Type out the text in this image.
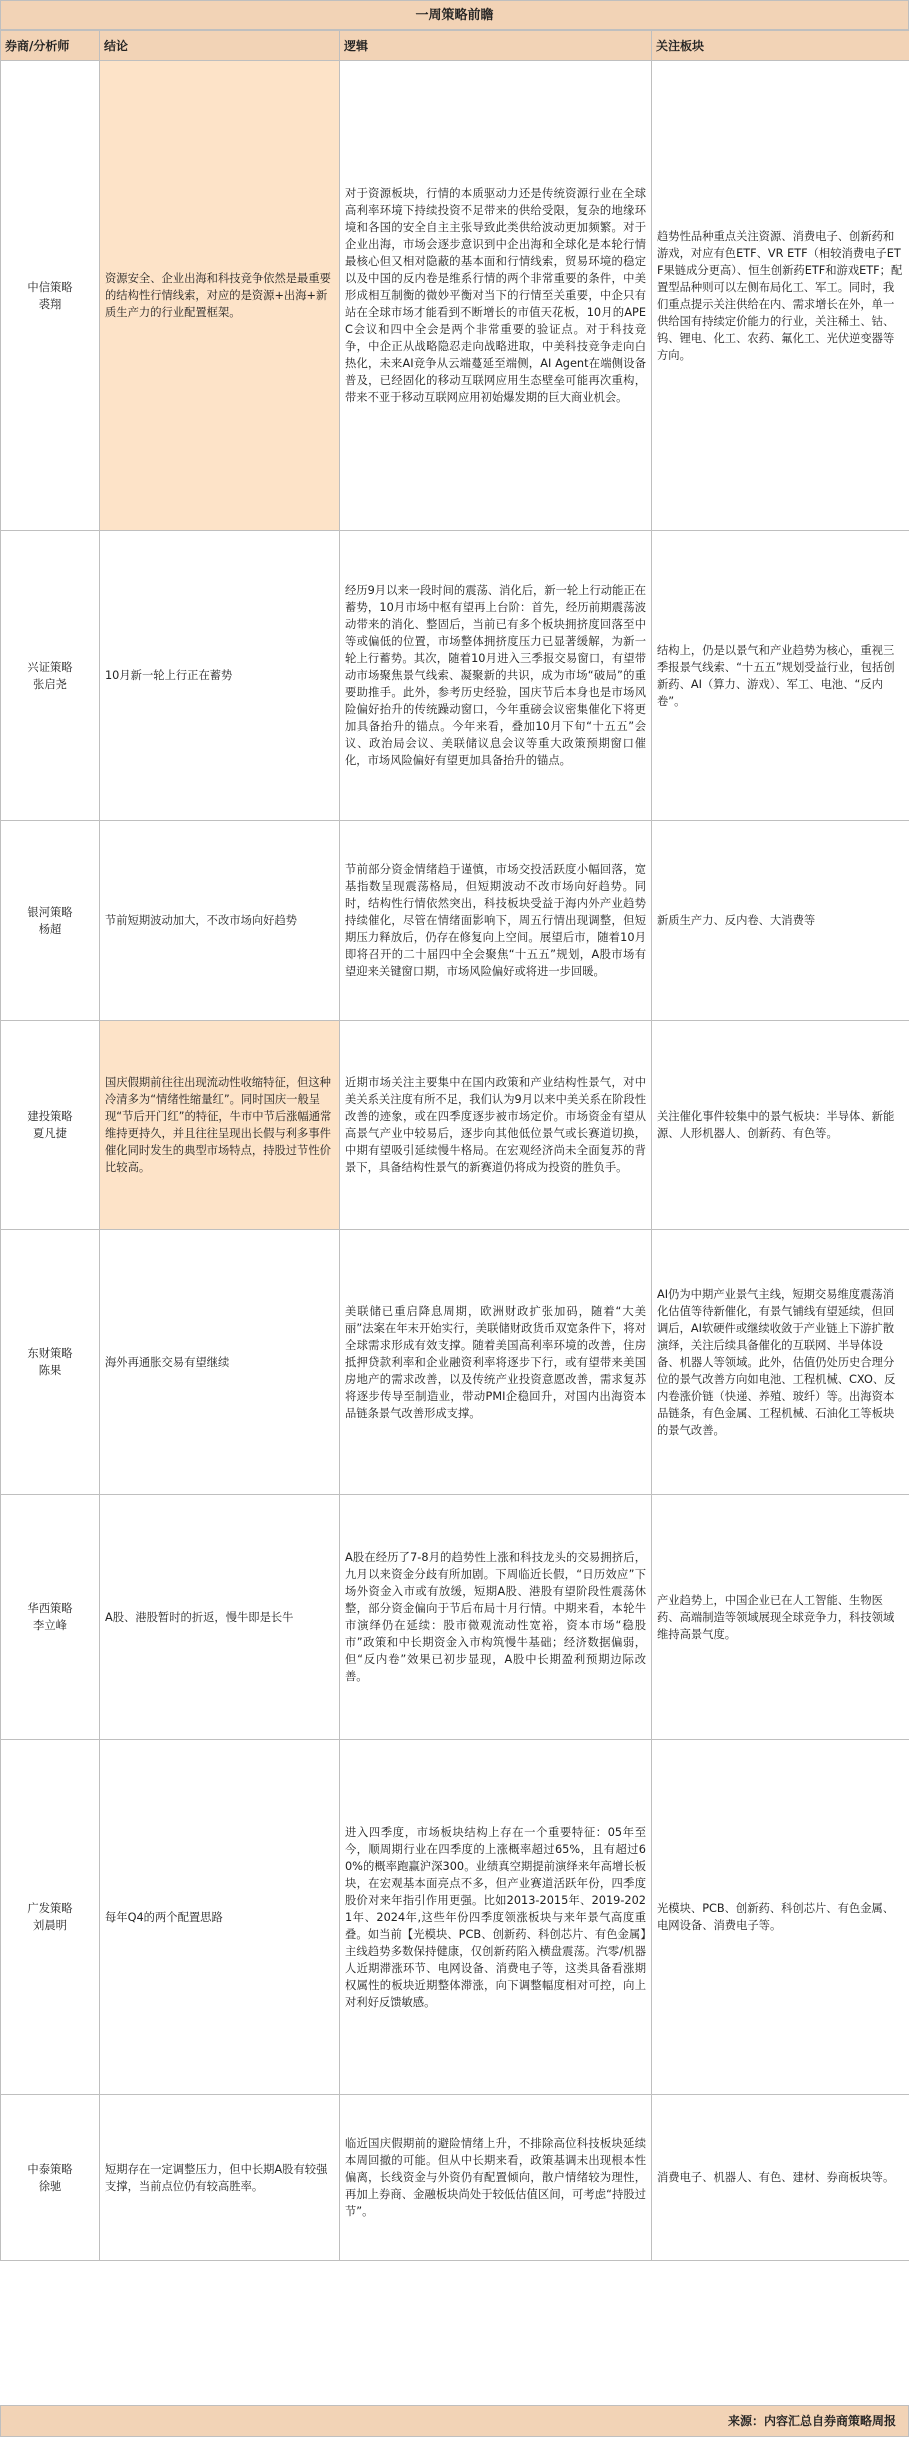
一周策略前瞻
券商/分析师	结论	逻辑	关注板块

中信策略
裘翔	资源安全、企业出海和科技竞争依然是最重要的结构性行情线索，对应的是资源+出海+新质生产力的行业配置框架。	对于资源板块，行情的本质驱动力还是传统资源行业在全球高利率环境下持续投资不足带来的供给受限，复杂的地缘环境和各国的安全自主主张导致此类供给波动更加频繁。对于企业出海，市场会逐步意识到中企出海和全球化是本轮行情最核心但又相对隐蔽的基本面和行情线索，贸易环境的稳定以及中国的反内卷是维系行情的两个非常重要的条件，中美形成相互制衡的微妙平衡对当下的行情至关重要，中企只有站在全球市场才能看到不断增长的市值天花板，10月的APEC会议和四中全会是两个非常重要的验证点。对于科技竞争，中企正从战略隐忍走向战略进取，中美科技竞争走向白热化，未来AI竞争从云端蔓延至端侧，AI Agent在端侧设备普及，已经固化的移动互联网应用生态壁垒可能再次重构，带来不亚于移动互联网应用初始爆发期的巨大商业机会。	趋势性品种重点关注资源、消费电子、创新药和游戏，对应有色ETF、VR ETF（相较消费电子ETF果链成分更高）、恒生创新药ETF和游戏ETF；配置型品种则可以左侧布局化工、军工。同时，我们重点提示关注供给在内、需求增长在外，单一供给国有持续定价能力的行业，关注稀土、钴、钨、锂电、化工、农药、氟化工、光伏逆变器等方向。

兴证策略
张启尧	10月新一轮上行正在蓄势	经历9月以来一段时间的震荡、消化后，新一轮上行动能正在蓄势，10月市场中枢有望再上台阶：首先，经历前期震荡波动带来的消化、整固后，当前已有多个板块拥挤度回落至中等或偏低的位置，市场整体拥挤度压力已显著缓解，为新一轮上行蓄势。其次，随着10月进入三季报交易窗口，有望带动市场聚焦景气线索、凝聚新的共识，成为市场“破局”的重要助推手。此外，参考历史经验，国庆节后本身也是市场风险偏好抬升的传统躁动窗口，今年重磅会议密集催化下将更加具备抬升的锚点。今年来看，叠加10月下旬“十五五”会议、政治局会议、美联储议息会议等重大政策预期窗口催化，市场风险偏好有望更加具备抬升的锚点。	结构上，仍是以景气和产业趋势为核心，重视三季报景气线索、“十五五”规划受益行业，包括创新药、AI（算力、游戏）、军工、电池、“反内卷”。

银河策略
杨超	节前短期波动加大，不改市场向好趋势	节前部分资金情绪趋于谨慎，市场交投活跃度小幅回落，宽基指数呈现震荡格局，但短期波动不改市场向好趋势。同时，结构性行情依然突出，科技板块受益于海内外产业趋势持续催化，尽管在情绪面影响下，周五行情出现调整，但短期压力释放后，仍存在修复向上空间。展望后市，随着10月即将召开的二十届四中全会聚焦“十五五”规划，A股市场有望迎来关键窗口期，市场风险偏好或将进一步回暖。	新质生产力、反内卷、大消费等

建投策略
夏凡捷	国庆假期前往往出现流动性收缩特征，但这种冷清多为“情绪性缩量红”。同时国庆一般呈现“节后开门红”的特征，牛市中节后涨幅通常维持更持久，并且往往呈现出长假与利多事件催化同时发生的典型市场特点，持股过节性价比较高。	近期市场关注主要集中在国内政策和产业结构性景气，对中美关系关注度有所不足，我们认为9月以来中美关系在阶段性改善的迹象，或在四季度逐步被市场定价。市场资金有望从高景气产业中较易后，逐步向其他低位景气或长赛道切换，中期有望吸引延续慢牛格局。在宏观经济尚未全面复苏的背景下，具备结构性景气的新赛道仍将成为投资的胜负手。	关注催化事件较集中的景气板块：半导体、新能源、人形机器人、创新药、有色等。

东财策略
陈果	海外再通胀交易有望继续	美联储已重启降息周期，欧洲财政扩张加码，随着“大美丽”法案在年末开始实行，美联储财政货币双宽条件下，将对全球需求形成有效支撑。随着美国高利率环境的改善，住房抵押贷款利率和企业融资利率将逐步下行，或有望带来美国房地产的需求改善，以及传统产业投资意愿改善，需求复苏将逐步传导至制造业，带动PMI企稳回升，对国内出海资本品链条景气改善形成支撑。	AI仍为中期产业景气主线，短期交易维度震荡消化估值等待新催化，有景气铺线有望延续，但回调后，AI软硬件或继续收敛于产业链上下游扩散演绎，关注后续具备催化的互联网、半导体设备、机器人等领域。此外，估值仍处历史合理分位的景气改善方向如电池、工程机械、CXO、反内卷涨价链（快递、养殖、玻纤）等。出海资本品链条，有色金属、工程机械、石油化工等板块的景气改善。

华西策略
李立峰	A股、港股暂时的折返，慢牛即是长牛	A股在经历了7-8月的趋势性上涨和科技龙头的交易拥挤后，九月以来资金分歧有所加剧。下周临近长假，“日历效应”下场外资金入市或有放缓，短期A股、港股有望阶段性震荡休整，部分资金偏向于节后布局十月行情。中期来看，本轮牛市演绎仍在延续：股市微观流动性宽裕，资本市场“稳股市”政策和中长期资金入市构筑慢牛基础；经济数据偏弱，但“反内卷”效果已初步显现，A股中长期盈利预期边际改善。	产业趋势上，中国企业已在人工智能、生物医药、高端制造等领域展现全球竞争力，科技领域维持高景气度。

广发策略
刘晨明	每年Q4的两个配置思路	进入四季度，市场板块结构上存在一个重要特征：05年至今，顺周期行业在四季度的上涨概率超过65%，且有超过60%的概率跑赢沪深300。业绩真空期提前演绎来年高增长板块，在宏观基本面亮点不多，但产业赛道活跃年份，四季度股价对来年指引作用更强。比如2013-2015年、2019-2021年、2024年,这些年份四季度领涨板块与来年景气高度重叠。如当前【光模块、PCB、创新药、科创芯片、有色金属】主线趋势多数保持健康，仅创新药陷入横盘震荡。汽零/机器人近期滞涨环节、电网设备、消费电子等，这类具备看涨期权属性的板块近期整体滞涨，向下调整幅度相对可控，向上对利好反馈敏感。	光模块、PCB、创新药、科创芯片、有色金属、电网设备、消费电子等。

中泰策略
徐驰	短期存在一定调整压力，但中长期A股有较强支撑，当前点位仍有较高胜率。	临近国庆假期前的避险情绪上升，不排除高位科技板块延续本周回撤的可能。但从中长期来看，政策基调未出现根本性偏离，长线资金与外资仍有配置倾向，散户情绪较为理性，再加上券商、金融板块尚处于较低估值区间，可考虑“持股过节”。	消费电子、机器人、有色、建材、券商板块等。
来源：内容汇总自券商策略周报
